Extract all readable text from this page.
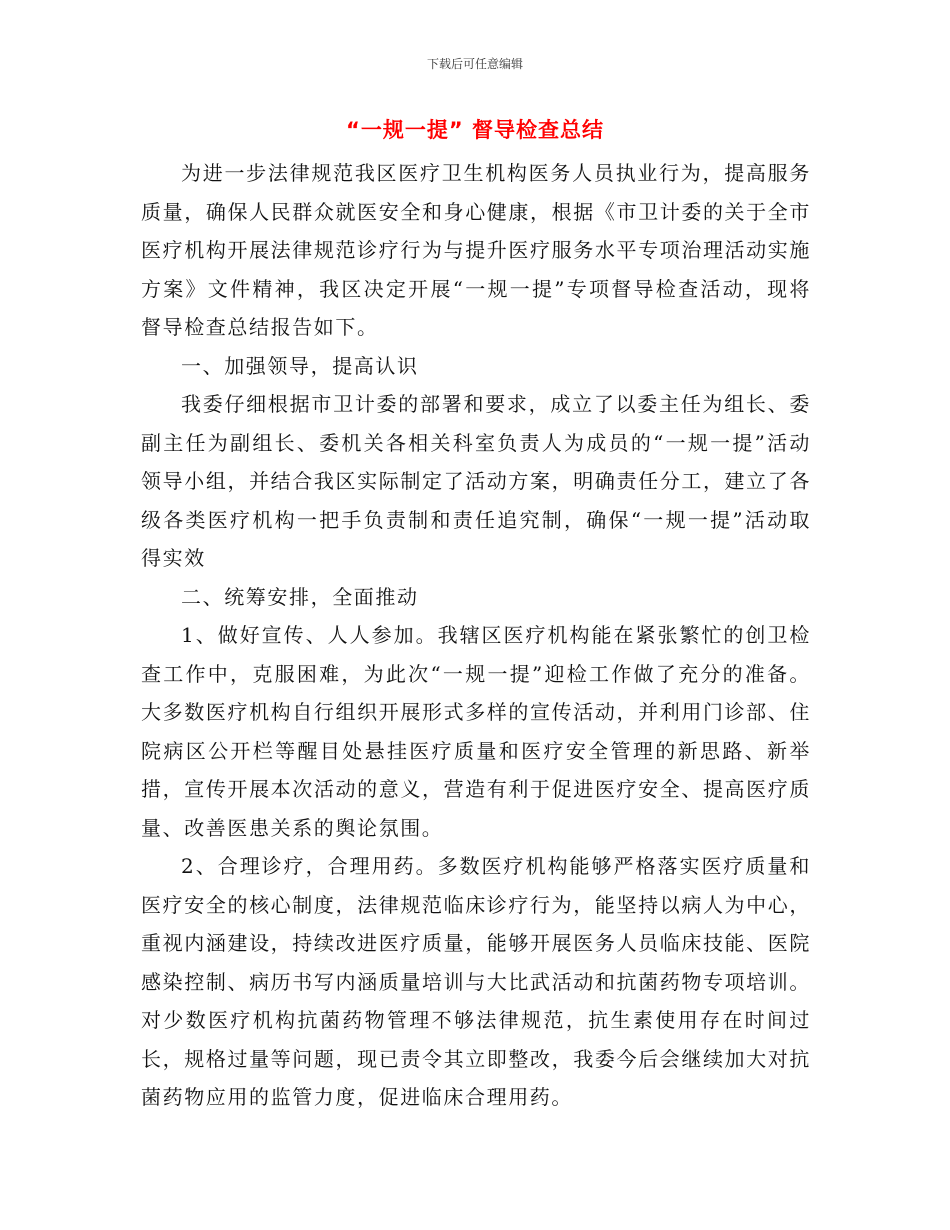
下载后可任意编辑
“一规一提” 督导检查总结

为进一步法律规范我区医疗卫生机构医务人员执业行为，提高服务质量，确保人民群众就医安全和身心健康，根据《市卫计委的关于全市医疗机构开展法律规范诊疗行为与提升医疗服务水平专项治理活动实施方案》文件精神，我区决定开展“一规一提”专项督导检查活动，现将督导检查总结报告如下。

一、加强领导，提高认识

我委仔细根据市卫计委的部署和要求，成立了以委主任为组长、委副主任为副组长、委机关各相关科室负责人为成员的“一规一提”活动领导小组，并结合我区实际制定了活动方案，明确责任分工，建立了各级各类医疗机构一把手负责制和责任追究制，确保“一规一提”活动取得实效

二、统筹安排，全面推动

1、做好宣传、人人参加。我辖区医疗机构能在紧张繁忙的创卫检查工作中，克服困难，为此次“一规一提”迎检工作做了充分的准备。大多数医疗机构自行组织开展形式多样的宣传活动，并利用门诊部、住院病区公开栏等醒目处悬挂医疗质量和医疗安全管理的新思路、新举措，宣传开展本次活动的意义，营造有利于促进医疗安全、提高医疗质量、改善医患关系的舆论氛围。

2、合理诊疗，合理用药。多数医疗机构能够严格落实医疗质量和医疗安全的核心制度，法律规范临床诊疗行为，能坚持以病人为中心，重视内涵建设，持续改进医疗质量，能够开展医务人员临床技能、医院感染控制、病历书写内涵质量培训与大比武活动和抗菌药物专项培训。对少数医疗机构抗菌药物管理不够法律规范，抗生素使用存在时间过长，规格过量等问题，现已责令其立即整改，我委今后会继续加大对抗菌药物应用的监管力度，促进临床合理用药。
